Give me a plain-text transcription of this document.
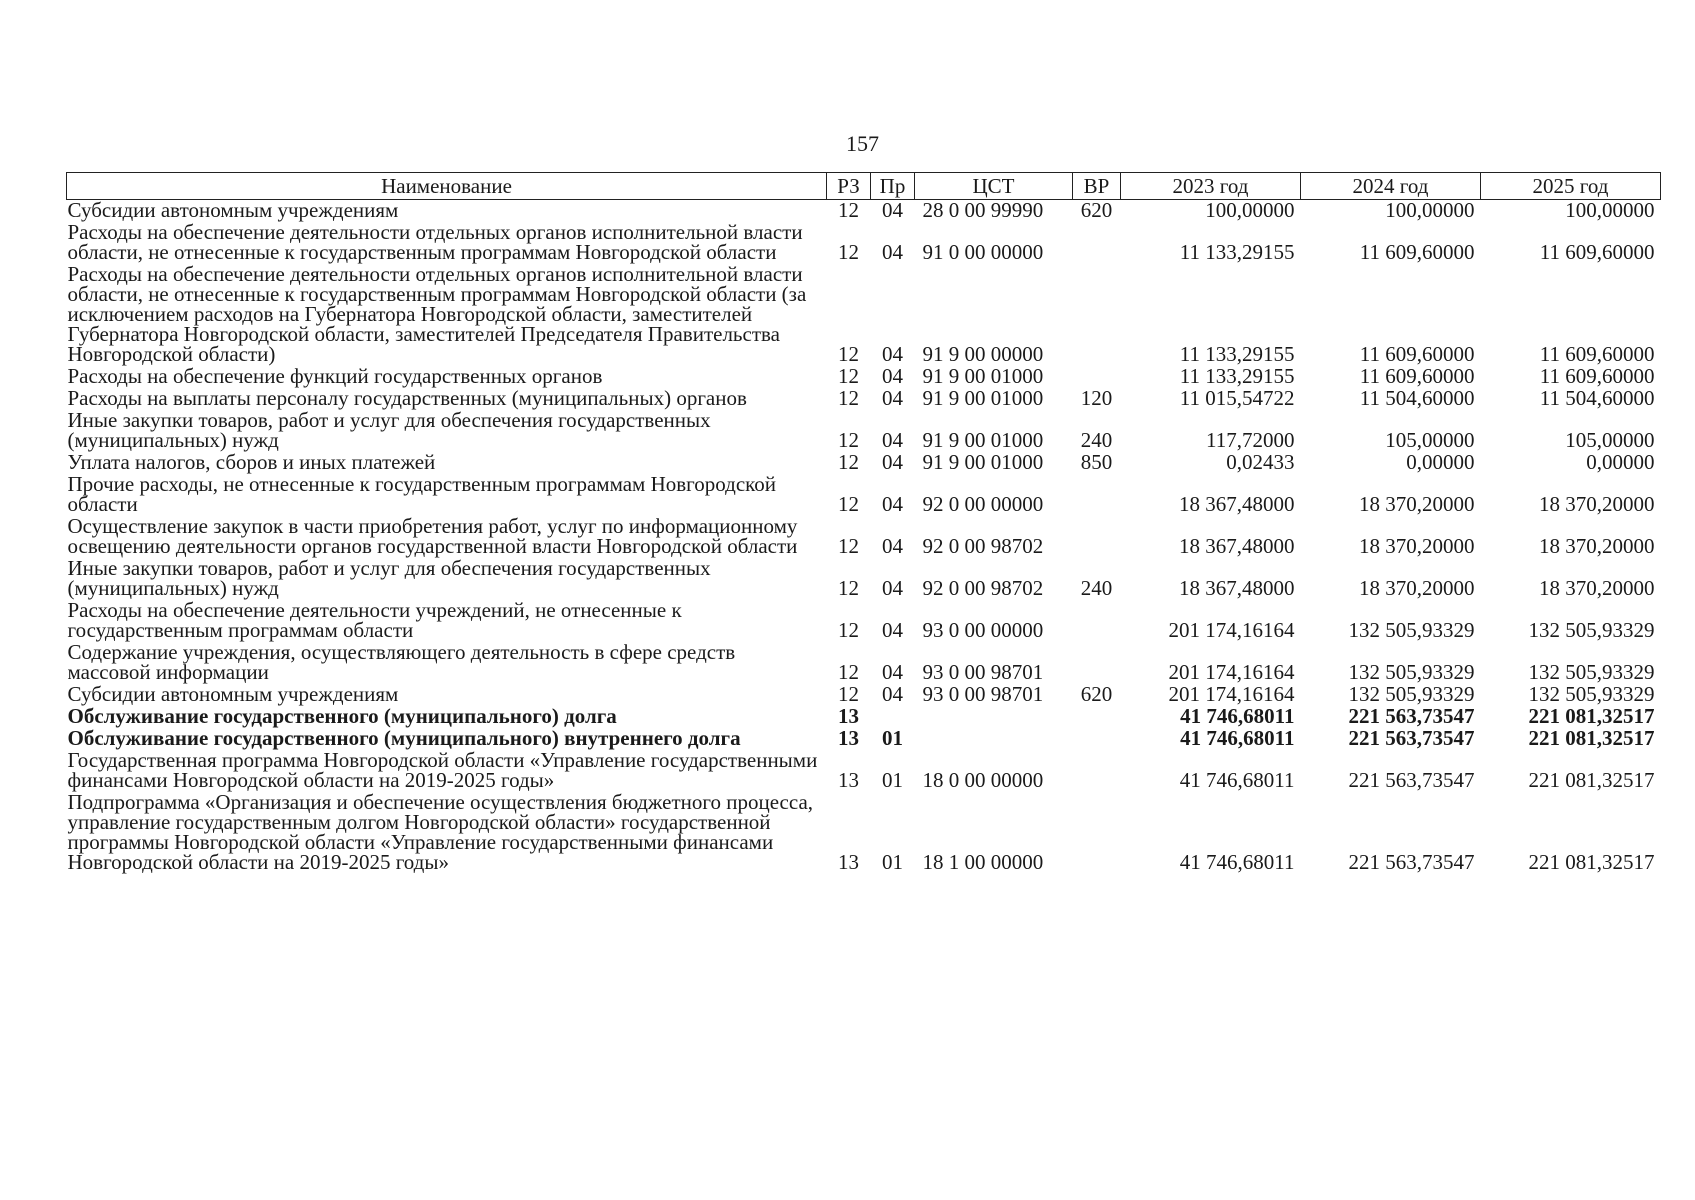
157
Наименование	РЗ	Пр	ЦСТ	ВР	2023 год	2024 год	2025 год
Субсидии автономным учреждениям	12	04	28 0 00 99990	620	100,00000	100,00000	100,00000
Расходы на обеспечение деятельности отдельных органов исполнительной власти области, не отнесенные к государственным программам Новгородской области	12	04	91 0 00 00000		11 133,29155	11 609,60000	11 609,60000
Расходы на обеспечение деятельности отдельных органов исполнительной власти области, не отнесенные к государственным программам Новгородской области (за исключением расходов на Губернатора Новгородской области, заместителей Губернатора Новгородской области, заместителей Председателя Правительства Новгородской области)	12	04	91 9 00 00000		11 133,29155	11 609,60000	11 609,60000
Расходы на обеспечение функций государственных органов	12	04	91 9 00 01000		11 133,29155	11 609,60000	11 609,60000
Расходы на выплаты персоналу государственных (муниципальных) органов	12	04	91 9 00 01000	120	11 015,54722	11 504,60000	11 504,60000
Иные закупки товаров, работ и услуг для обеспечения государственных (муниципальных) нужд	12	04	91 9 00 01000	240	117,72000	105,00000	105,00000
Уплата налогов, сборов и иных платежей	12	04	91 9 00 01000	850	0,02433	0,00000	0,00000
Прочие расходы, не отнесенные к государственным программам Новгородской области	12	04	92 0 00 00000		18 367,48000	18 370,20000	18 370,20000
Осуществление закупок в части приобретения работ, услуг по информационному освещению деятельности органов государственной власти Новгородской области	12	04	92 0 00 98702		18 367,48000	18 370,20000	18 370,20000
Иные закупки товаров, работ и услуг для обеспечения государственных (муниципальных) нужд	12	04	92 0 00 98702	240	18 367,48000	18 370,20000	18 370,20000
Расходы на обеспечение деятельности учреждений, не отнесенные к государственным программам области	12	04	93 0 00 00000		201 174,16164	132 505,93329	132 505,93329
Содержание учреждения, осуществляющего деятельность в сфере средств массовой информации	12	04	93 0 00 98701		201 174,16164	132 505,93329	132 505,93329
Субсидии автономным учреждениям	12	04	93 0 00 98701	620	201 174,16164	132 505,93329	132 505,93329
Обслуживание государственного (муниципального) долга	13				41 746,68011	221 563,73547	221 081,32517
Обслуживание государственного (муниципального) внутреннего долга	13	01			41 746,68011	221 563,73547	221 081,32517
Государственная программа Новгородской области «Управление государственными финансами Новгородской области на 2019-2025 годы»	13	01	18 0 00 00000		41 746,68011	221 563,73547	221 081,32517
Подпрограмма «Организация и обеспечение осуществления бюджетного процесса, управление государственным долгом Новгородской области» государственной программы Новгородской области «Управление государственными финансами Новгородской области на 2019-2025 годы»	13	01	18 1 00 00000		41 746,68011	221 563,73547	221 081,32517
